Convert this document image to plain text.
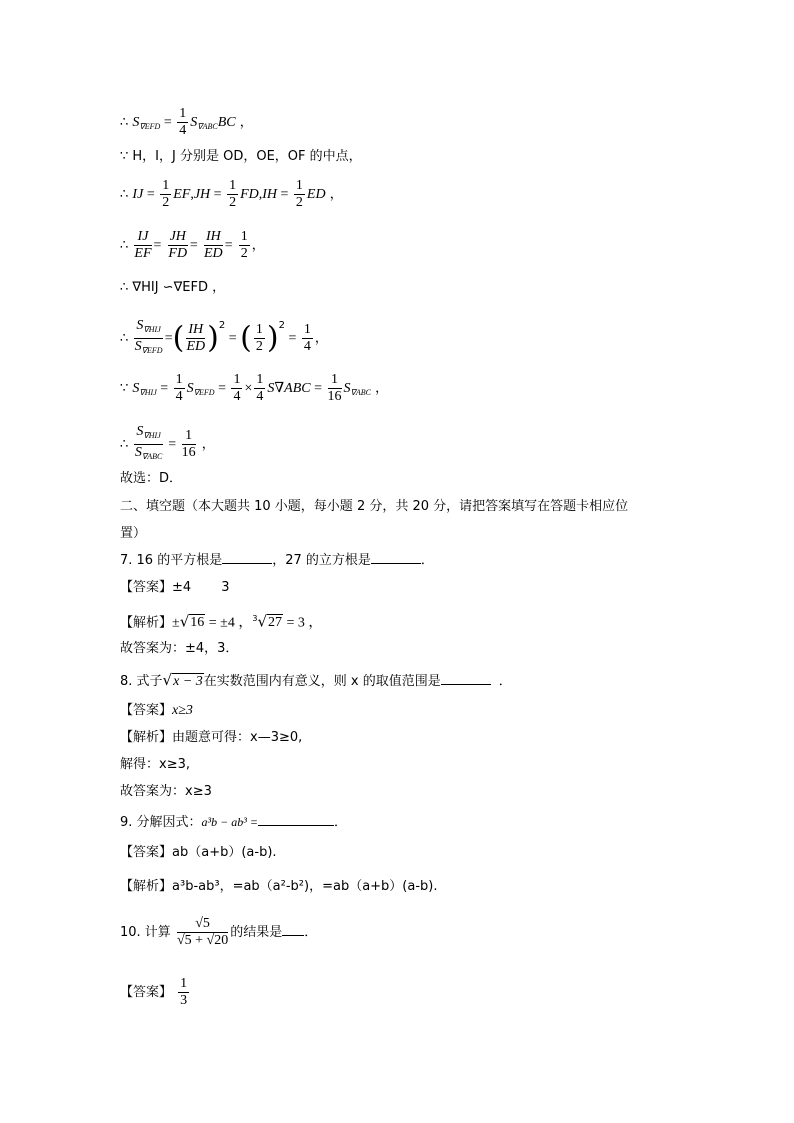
∴ $S_{\nabla EFD} = \frac{1}{4} S_{\nabla ABC}BC$ ，
∵ H，I，J 分别是 OD，OE，OF 的中点，
∴ IJ = $\frac{1}{2} EF,JH = \frac{1}{2} FD,IH = \frac{1}{2}$ ED ，
∴ $\frac{IJ}{EF} = \frac{JH}{FD} = \frac{IH}{ED} = \frac{1}{2}$ ，
∴ ∇HIJ ∽∇EFD ，
∴ $\frac{S_{\nabla HIJ}}{S_{\nabla EFD}}$ =( $\frac{IH}{ED} )^2$ = ( $\frac{1}{2} )^2 = \frac{1}{4}$ ，
∵ $S_{\nabla HIJ} = \frac{1}{4} S_{\nabla EFD} = \frac{1}{4} \times \frac{1}{4} S\nabla ABC = \frac{1}{16} S_{\nabla ABC}$ ，
∴ $\frac{S_{\nabla HIJ}}{S_{\nabla ABC}} = \frac{1}{16}$ ，
故选：D．
二、填空题（本大题共 10 小题，每小题 2 分，共 20 分，请把答案填写在答题卡相应位
置）
7. 16 的平方根是	，27 的立方根是	．
【答案】±4　　 3
【解析】±√16 = ±4 ，$^3$√27 = 3 ，
故答案为：±4，3．
8. 式子√x − 3在实数范围内有意义，则 x 的取值范围是	．
【答案】x≥3
【解析】由题意可得：x—3≥0,
解得：x≥3,
故答案为：x≥3
9. 分解因式：a³b − ab³ =	．
【答案】ab（a+b）(a-b).
【解析】a³b-ab³，=ab（a²-b²)，=ab（a+b）(a-b).
10. 计算 $\frac{√5}{√5 + √20}$ 的结果是 ．
【答案】 $\frac{1}{3}$
